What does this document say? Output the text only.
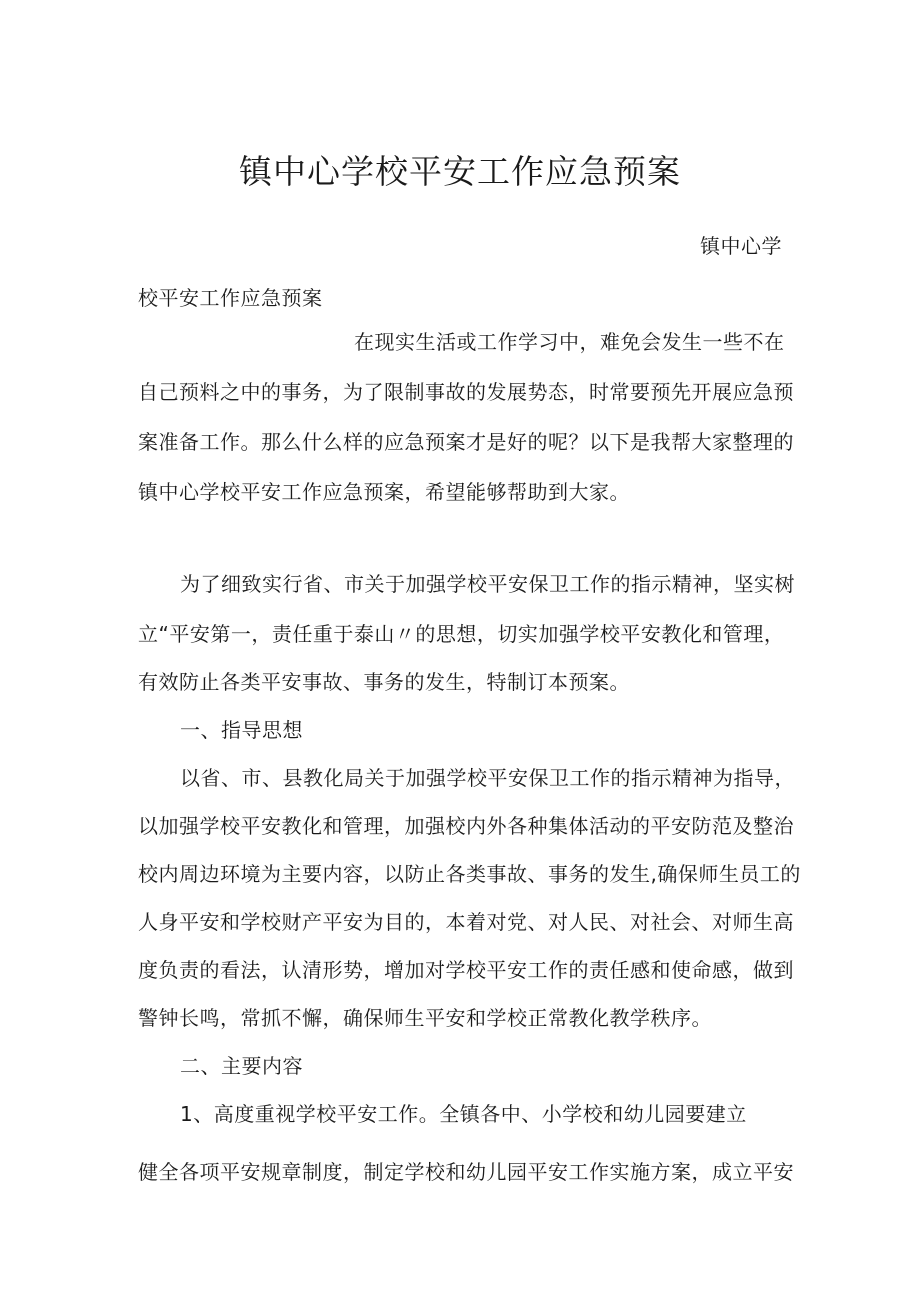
镇中心学校平安工作应急预案
镇中心学
校平安工作应急预案
在现实生活或工作学习中，难免会发生一些不在
自己预料之中的事务，为了限制事故的发展势态，时常要预先开展应急预
案准备工作。那么什么样的应急预案才是好的呢？以下是我帮大家整理的
镇中心学校平安工作应急预案，希望能够帮助到大家。
为了细致实行省、市关于加强学校平安保卫工作的指示精神，坚实树
立“平安第一，责任重于泰山〃的思想，切实加强学校平安教化和管理，
有效防止各类平安事故、事务的发生，特制订本预案。
一、指导思想
以省、市、县教化局关于加强学校平安保卫工作的指示精神为指导，
以加强学校平安教化和管理，加强校内外各种集体活动的平安防范及整治
校内周边环境为主要内容，以防止各类事故、事务的发生,确保师生员工的
人身平安和学校财产平安为目的，本着对党、对人民、对社会、对师生高
度负责的看法，认清形势，增加对学校平安工作的责任感和使命感，做到
警钟长鸣，常抓不懈，确保师生平安和学校正常教化教学秩序。
二、主要内容
1、高度重视学校平安工作。全镇各中、小学校和幼儿园要建立
健全各项平安规章制度，制定学校和幼儿园平安工作实施方案，成立平安
